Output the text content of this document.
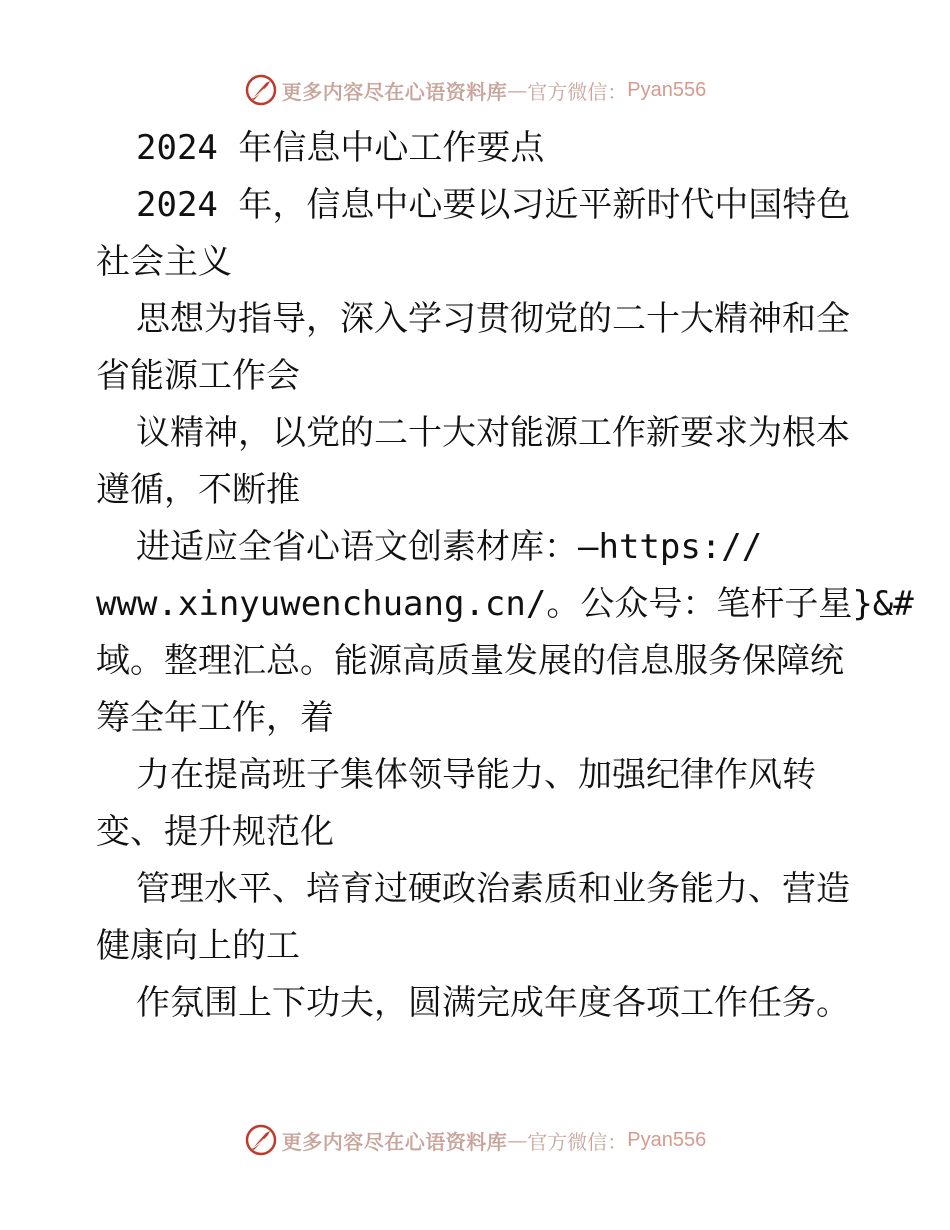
更多内容尽在心语资料库 — 官方微信： Pyan556

2024 年信息中心工作要点

2024 年，信息中心要以习近平新时代中国特色

社会主义

思想为指导，深入学习贯彻党的二十大精神和全

省能源工作会

议精神，以党的二十大对能源工作新要求为根本

遵循，不断推

进适应全省心语文创素材库：—https://

www.xinyuwenchuang.cn/。公众号：笔杆子星}&#

域。整理汇总。能源高质量发展的信息服务保障统

筹全年工作，着

力在提高班子集体领导能力、加强纪律作风转

变、提升规范化

管理水平、培育过硬政治素质和业务能力、营造

健康向上的工

作氛围上下功夫，圆满完成年度各项工作任务。

更多内容尽在心语资料库 — 官方微信： Pyan556
